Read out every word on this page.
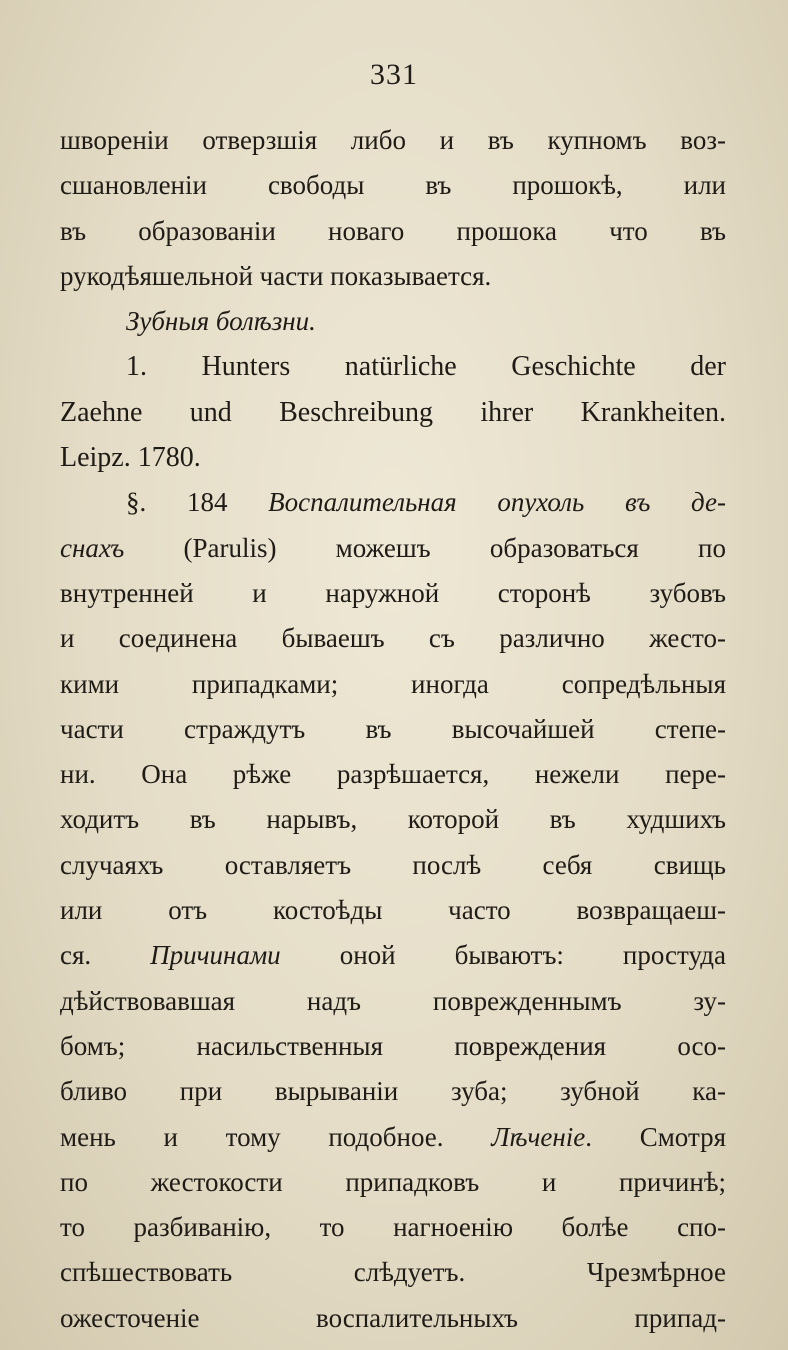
331
шворенiи отверзшiя либо и въ купномъ воз-
сшановленiи свободы въ прошокѣ, или
въ образованiи новаго прошока что въ
рукодѣяшельной части показывается.
Зубныя болѣзни.
1. Hunters natürliche Geschichte der
Zaehne und Beschreibung ihrer Krankheiten.
Leipz. 1780.
§. 184 Воспалительная опухоль въ де-
снахъ (Parulis) можешъ образоваться по
внутренней и наружной сторонѣ зубовъ
и соединена бываешъ съ различно жесто-
кими припадками; иногда сопредѣльныя
части страждутъ въ высочайшей степе-
ни. Она рѣже разрѣшается, нежели пере-
ходитъ въ нарывъ, которой въ худшихъ
случаяхъ оставляетъ послѣ себя свищь
или отъ костоѣды часто возвращаеш-
ся. Причинами оной бываютъ: простуда
дѣйствовавшая надъ поврежденнымъ зу-
бомъ; насильственныя повреждения осо-
бливо при вырываніи зуба; зубной ка-
мень и тому подобное. Лѣченiе. Смотря
по жестокости припадковъ и причинѣ;
то разбиванію, то нагноенію болѣе спо-
спѣшествовать слѣдуетъ. Чрезмѣрное
ожесточенiе воспалительныхъ припад-
